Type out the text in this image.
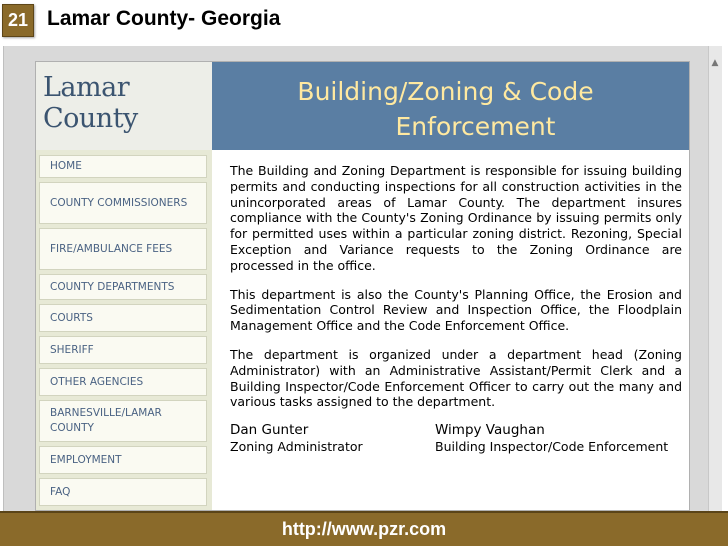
21 Lamar County- Georgia
Lamar County
Building/Zoning & Code
Enforcement
HOME
COUNTY COMMISSIONERS
FIRE/AMBULANCE FEES
COUNTY DEPARTMENTS
COURTS
SHERIFF
OTHER AGENCIES
BARNESVILLE/LAMAR COUNTY
EMPLOYMENT
FAQ

The Building and Zoning Department is responsible for issuing building permits and conducting inspections for all construction activities in the unincorporated areas of Lamar County. The department insures compliance with the County's Zoning Ordinance by issuing permits only for permitted uses within a particular zoning district. Rezoning, Special Exception and Variance requests to the Zoning Ordinance are processed in the office.

This department is also the County's Planning Office, the Erosion and Sedimentation Control Review and Inspection Office, the Floodplain Management Office and the Code Enforcement Office.

The department is organized under a department head (Zoning Administrator) with an Administrative Assistant/Permit Clerk and a Building Inspector/Code Enforcement Officer to carry out the many and various tasks assigned to the department.

Dan Gunter	Wimpy Vaughan
Zoning Administrator	Building Inspector/Code Enforcement
▲
http://www.pzr.com
